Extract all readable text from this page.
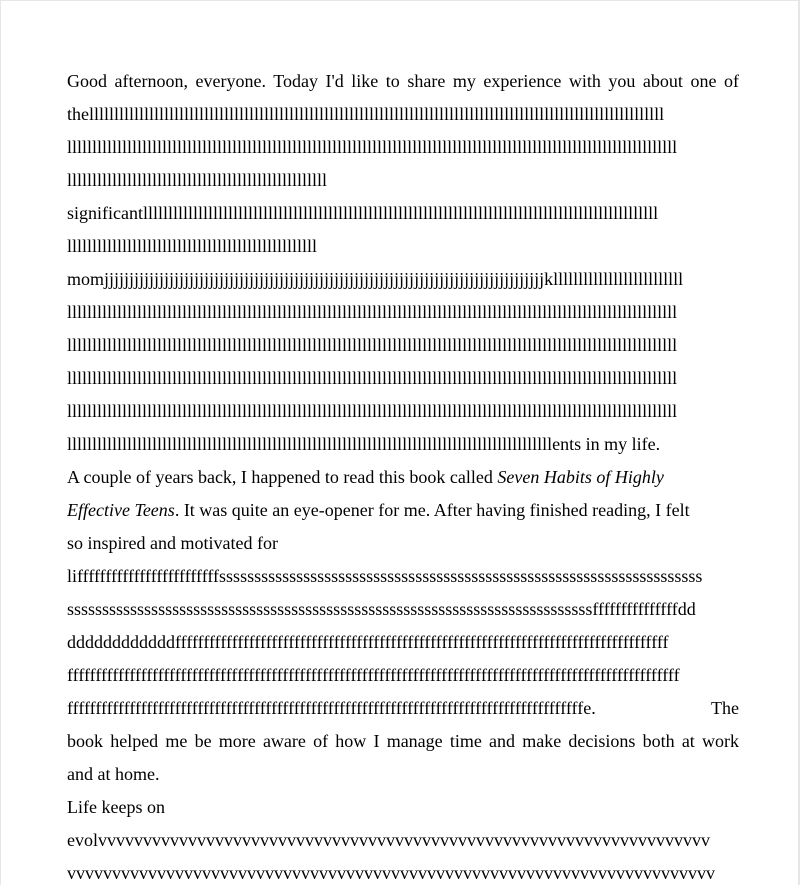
Good afternoon, everyone. Today I'd like to share my experience with you about one of
thelllllllllllllllllllllllllllllllllllllllllllllllllllllllllllllllllllllllllllllllllllllllllllllllllllllllllllllllllll
llllllllllllllllllllllllllllllllllllllllllllllllllllllllllllllllllllllllllllllllllllllllllllllllllllllllllllllllllllllllll
llllllllllllllllllllllllllllllllllllllllllllllllllll
significantlllllllllllllllllllllllllllllllllllllllllllllllllllllllllllllllllllllllllllllllllllllllllllllllllllllll
llllllllllllllllllllllllllllllllllllllllllllllllll
momjjjjjjjjjjjjjjjjjjjjjjjjjjjjjjjjjjjjjjjjjjjjjjjjjjjjjjjjjjjjjjjjjjjjjjjjjjjjjjjjjjjjjjjjkllllllllllllllllllllllllll
llllllllllllllllllllllllllllllllllllllllllllllllllllllllllllllllllllllllllllllllllllllllllllllllllllllllllllllllllllllllll
llllllllllllllllllllllllllllllllllllllllllllllllllllllllllllllllllllllllllllllllllllllllllllllllllllllllllllllllllllllllll
llllllllllllllllllllllllllllllllllllllllllllllllllllllllllllllllllllllllllllllllllllllllllllllllllllllllllllllllllllllllll
llllllllllllllllllllllllllllllllllllllllllllllllllllllllllllllllllllllllllllllllllllllllllllllllllllllllllllllllllllllllll
lllllllllllllllllllllllllllllllllllllllllllllllllllllllllllllllllllllllllllllllllllllllllllllllllents in my life.
A couple of years back, I happened to read this book called Seven Habits of Highly
Effective Teens. It was quite an eye-opener for me. After having finished reading, I felt
so inspired and motivated for
lifffffffffffffffffffffffffsssssssssssssssssssssssssssssssssssssssssssssssssssssssssssssssssssss
sssssssssssssssssssssssssssssssssssssssssssssssssssssssssssssssssssssssssssfffffffffffffffdd
ddddddddddddfffffffffffffffffffffffffffffffffffffffffffffffffffffffffffffffffffffffffffffffffffffff
ffffffffffffffffffffffffffffffffffffffffffffffffffffffffffffffffffffffffffffffffffffffffffffffffffffffffffff
fffffffffffffffffffffffffffffffffffffffffffffffffffffffffffffffffffffffffffffffffffffffffffe. The
book helped me be more aware of how I manage time and make decisions both at work
and at home.
Life keeps on
evolvvvvvvvvvvvvvvvvvvvvvvvvvvvvvvvvvvvvvvvvvvvvvvvvvvvvvvvvvvvvvvvvvvvv
vvvvvvvvvvvvvvvvvvvvvvvvvvvvvvvvvvvvvvvvvvvvvvvvvvvvvvvvvvvvvvvvvvvvvvvv
